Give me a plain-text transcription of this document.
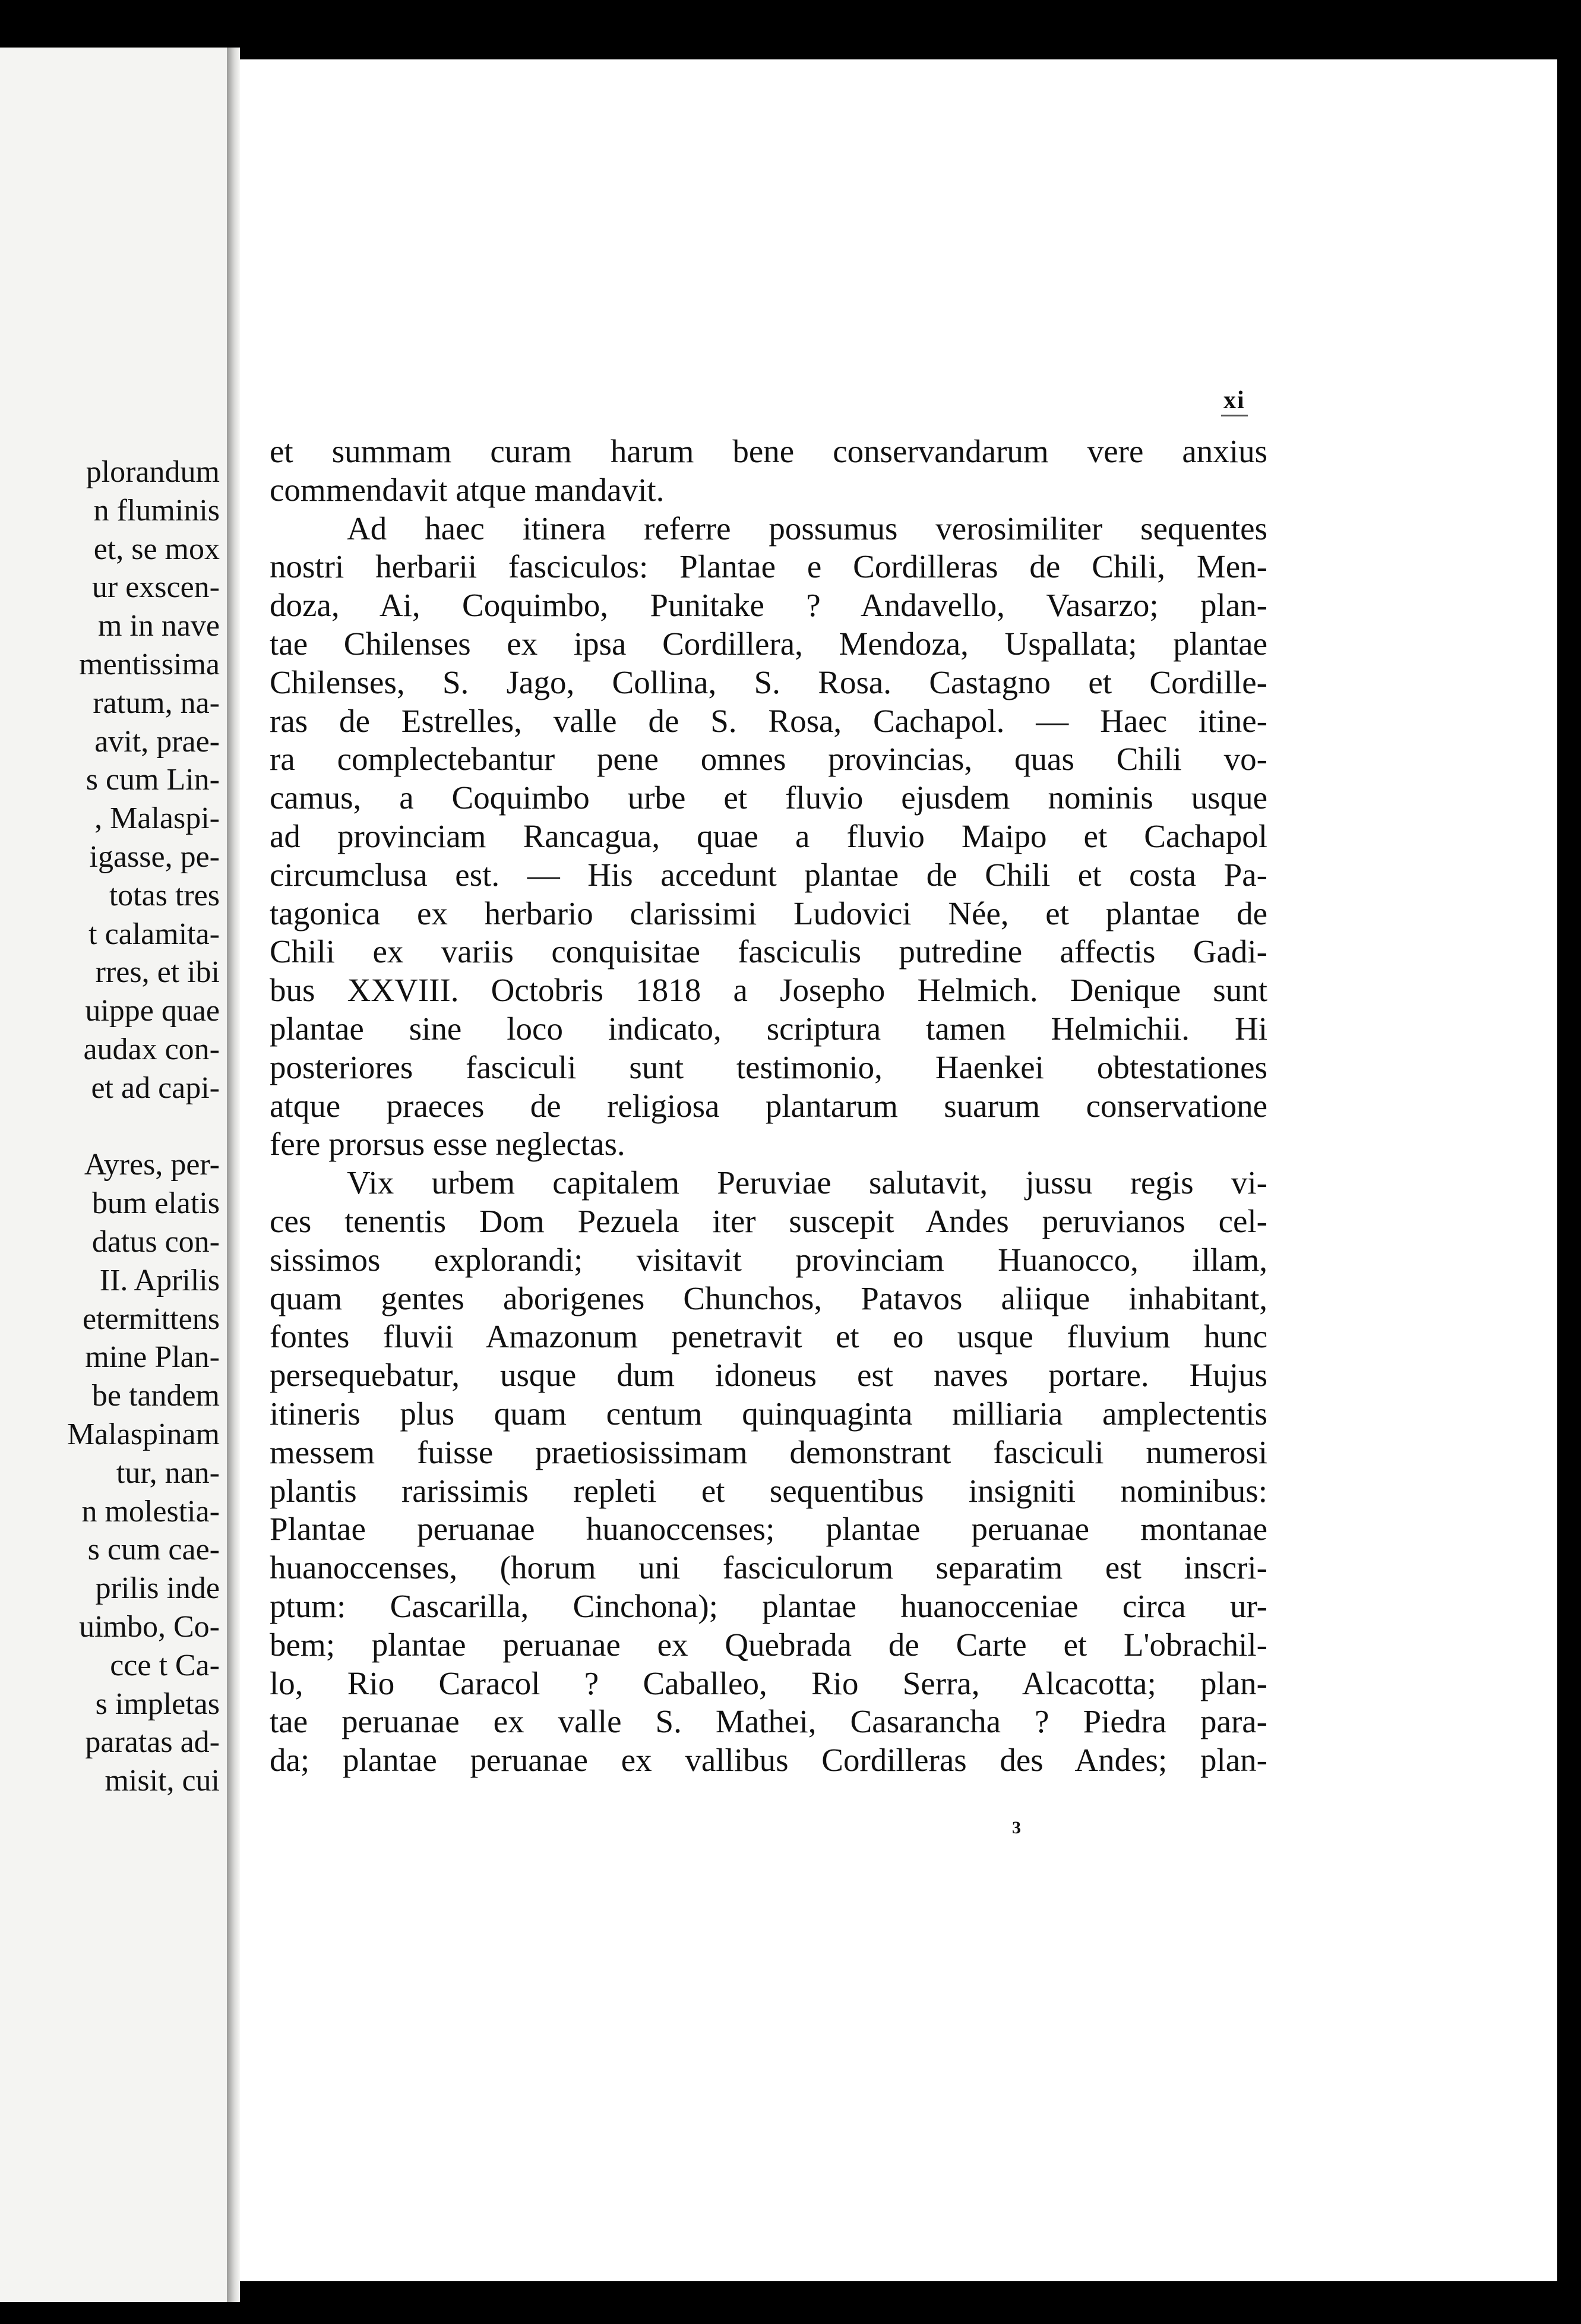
plorandum
n fluminis
et, se mox
ur exscen-
m in nave
mentissima
ratum, na-
avit, prae-
s cum Lin-
, Malaspi-
igasse, pe-
totas tres
t calamita-
rres, et ibi
uippe quae
audax con-
et ad capi-
Ayres, per-
bum elatis
datus con-
II. Aprilis
etermittens
mine Plan-
be tandem
Malaspinam
tur, nan-
n molestia-
s cum cae-
prilis inde
uimbo, Co-
cce t Ca-
s impletas
paratas ad-
misit, cui
xi
et summam curam harum bene conservandarum vere anxius
commendavit atque mandavit.
Ad haec itinera referre possumus verosimiliter sequentes
nostri herbarii fasciculos: Plantae e Cordilleras de Chili, Men-
doza, Ai, Coquimbo, Punitake ? Andavello, Vasarzo; plan-
tae Chilenses ex ipsa Cordillera, Mendoza, Uspallata; plantae
Chilenses, S. Jago, Collina, S. Rosa. Castagno et Cordille-
ras de Estrelles, valle de S. Rosa, Cachapol. — Haec itine-
ra complectebantur pene omnes provincias, quas Chili vo-
camus, a Coquimbo urbe et fluvio ejusdem nominis usque
ad provinciam Rancagua, quae a fluvio Maipo et Cachapol
circumclusa est. — His accedunt plantae de Chili et costa Pa-
tagonica ex herbario clarissimi Ludovici Née, et plantae de
Chili ex variis conquisitae fasciculis putredine affectis Gadi-
bus XXVIII. Octobris 1818 a Josepho Helmich. Denique sunt
plantae sine loco indicato, scriptura tamen Helmichii. Hi
posteriores fasciculi sunt testimonio, Haenkei obtestationes
atque praeces de religiosa plantarum suarum conservatione
fere prorsus esse neglectas.
Vix urbem capitalem Peruviae salutavit, jussu regis vi-
ces tenentis Dom Pezuela iter suscepit Andes peruvianos cel-
sissimos explorandi; visitavit provinciam Huanocco, illam,
quam gentes aborigenes Chunchos, Patavos aliique inhabitant,
fontes fluvii Amazonum penetravit et eo usque fluvium hunc
persequebatur, usque dum idoneus est naves portare. Hujus
itineris plus quam centum quinquaginta milliaria amplectentis
messem fuisse praetiosissimam demonstrant fasciculi numerosi
plantis rarissimis repleti et sequentibus insigniti nominibus:
Plantae peruanae huanoccenses; plantae peruanae montanae
huanoccenses, (horum uni fasciculorum separatim est inscri-
ptum: Cascarilla, Cinchona); plantae huanocceniae circa ur-
bem; plantae peruanae ex Quebrada de Carte et L'obrachil-
lo, Rio Caracol ? Caballeo, Rio Serra, Alcacotta; plan-
tae peruanae ex valle S. Mathei, Casarancha ? Piedra para-
da; plantae peruanae ex vallibus Cordilleras des Andes; plan-
3
